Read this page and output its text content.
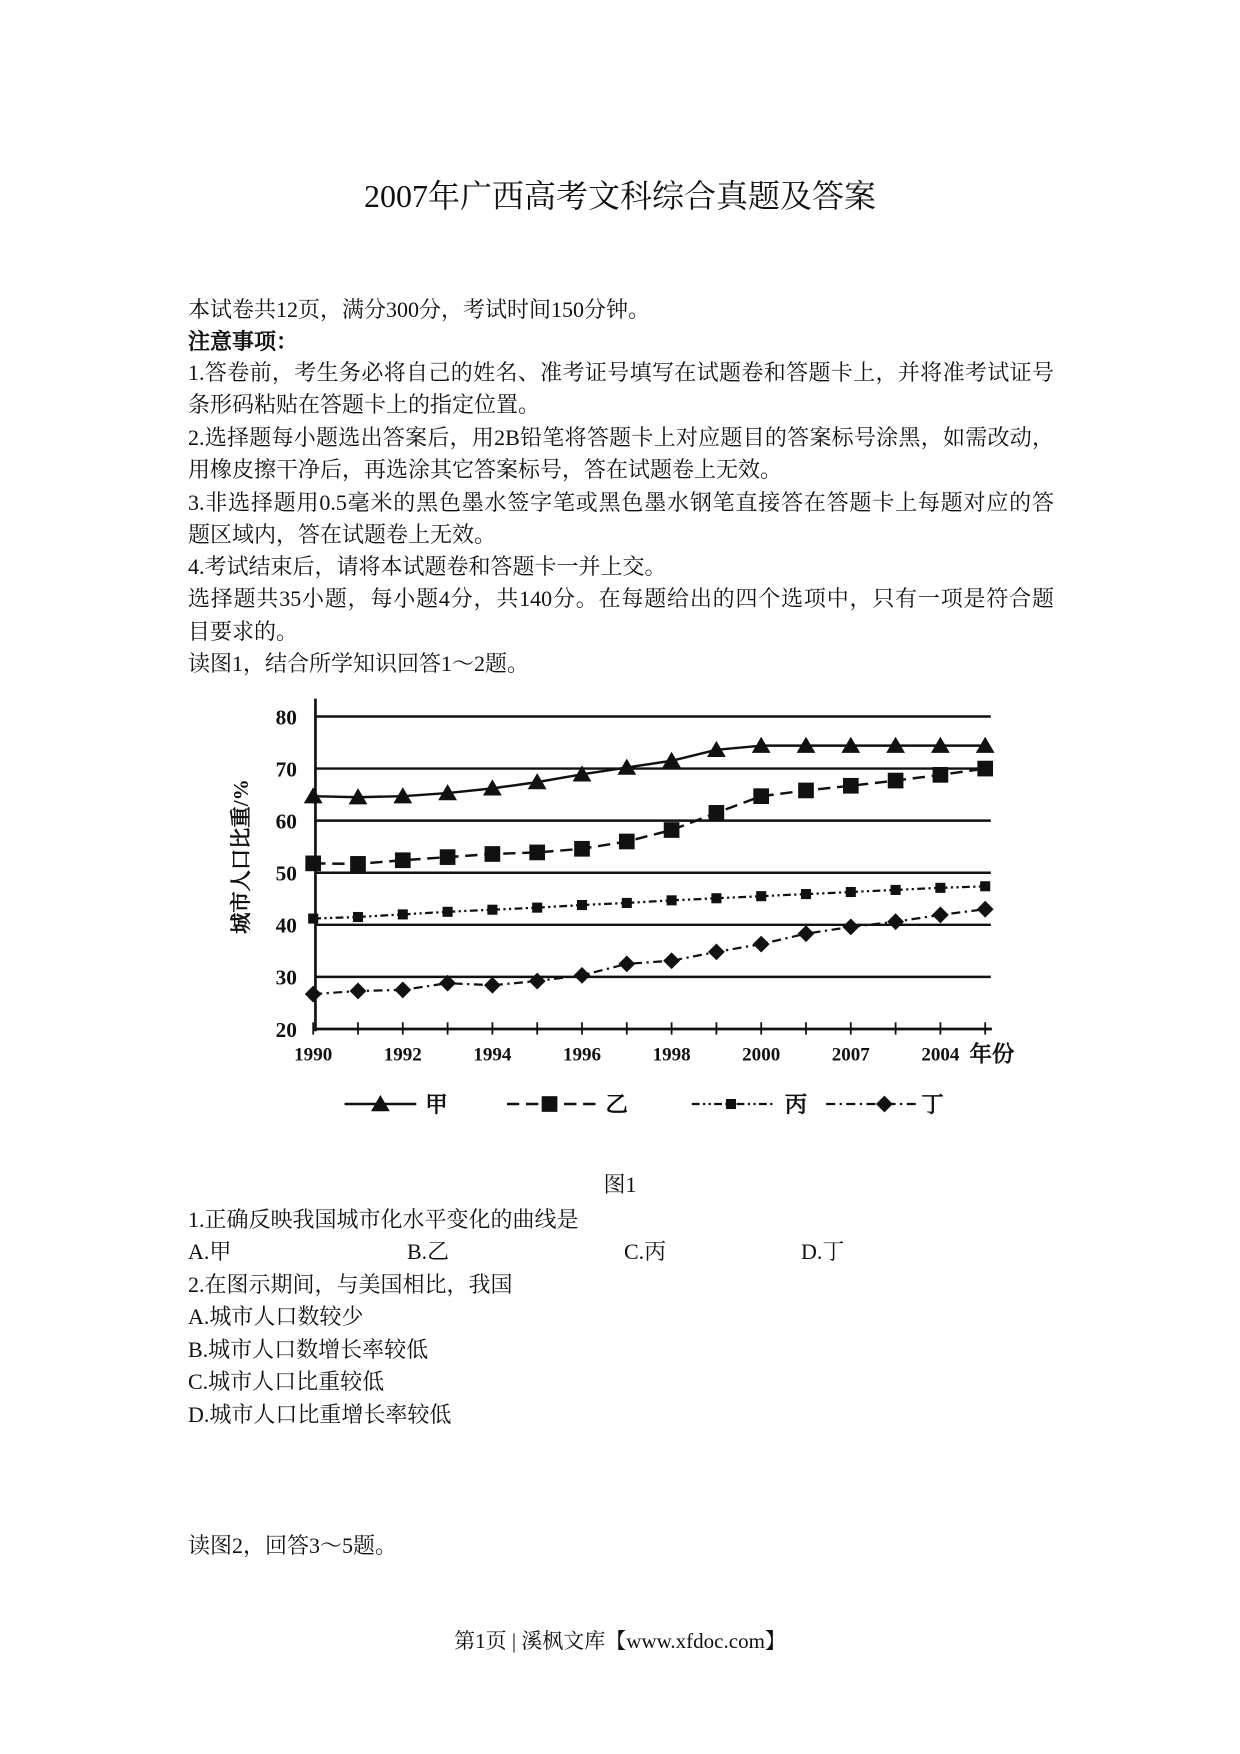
2007年广西高考文科综合真题及答案
本试卷共12页，满分300分，考试时间150分钟。
注意事项：
1.答卷前，考生务必将自己的姓名、准考证号填写在试题卷和答题卡上，并将准考试证号
条形码粘贴在答题卡上的指定位置。
2.选择题每小题选出答案后，用2B铅笔将答题卡上对应题目的答案标号涂黑，如需改动，
用橡皮擦干净后，再选涂其它答案标号，答在试题卷上无效。
3.非选择题用0.5毫米的黑色墨水签字笔或黑色墨水钢笔直接答在答题卡上每题对应的答
题区域内，答在试题卷上无效。
4.考试结束后，请将本试题卷和答题卡一并上交。
选择题共35小题，每小题4分，共140分。在每题给出的四个选项中，只有一项是符合题
目要求的。
读图1，结合所学知识回答1～2题。
20
30
40
50
60
70
80
1990	1992	1994	1996	1998	2000	2007	2004 年份
城市人口比重/%
甲	乙	丙	丁
图1
1.正确反映我国城市化水平变化的曲线是
A.甲	B.乙	C.丙	D.丁
2.在图示期间，与美国相比，我国
A.城市人口数较少
B.城市人口数增长率较低
C.城市人口比重较低
D.城市人口比重增长率较低
读图2，回答3～5题。
第1页 | 溪枫文库【www.xfdoc.com】
